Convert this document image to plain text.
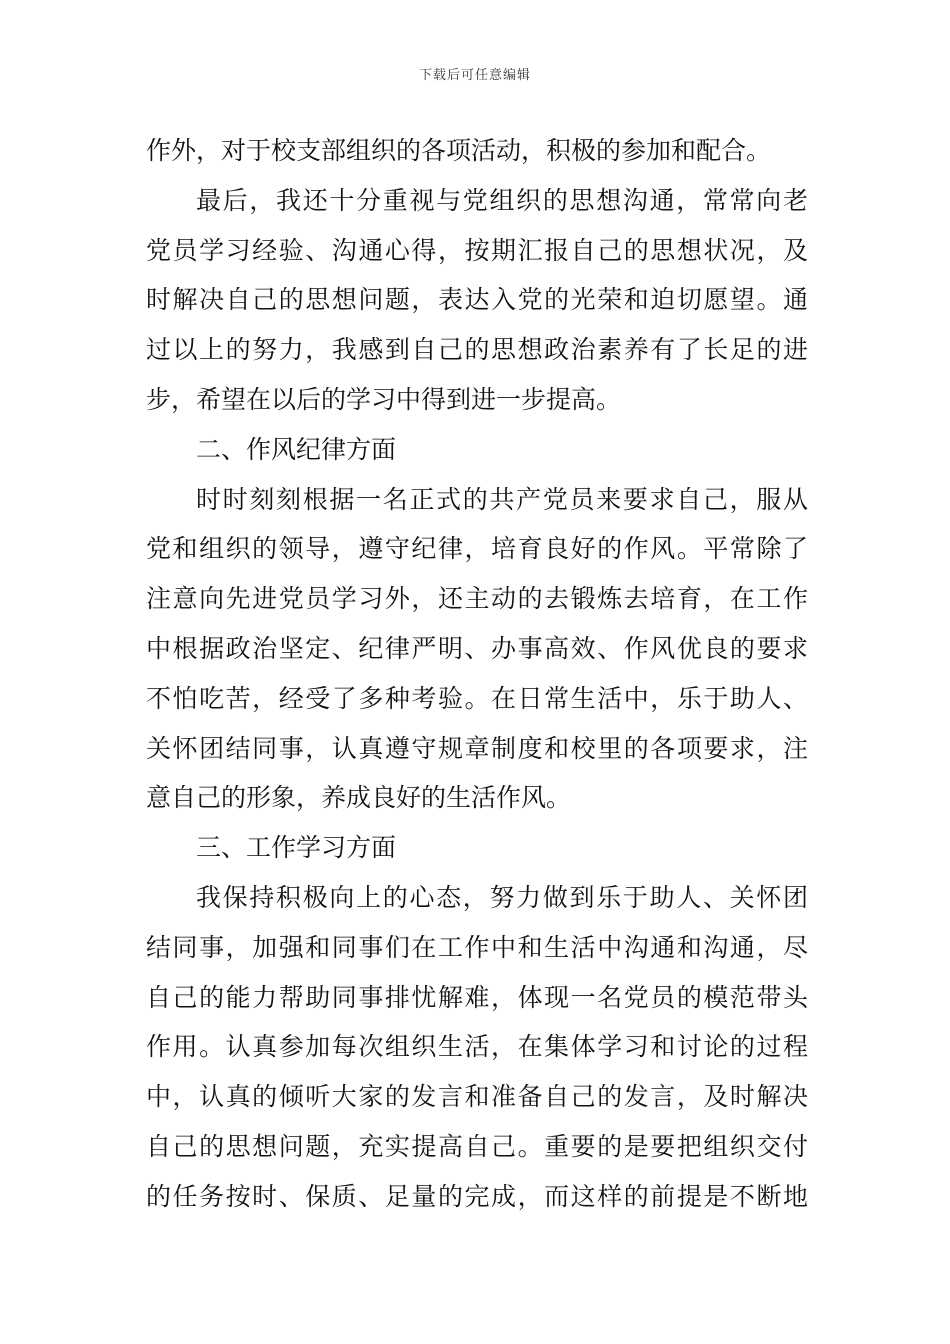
下载后可任意编辑
作外，对于校支部组织的各项活动，积极的参加和配合。
最后，我还十分重视与党组织的思想沟通，常常向老
党员学习经验、沟通心得，按期汇报自己的思想状况，及
时解决自己的思想问题，表达入党的光荣和迫切愿望。通
过以上的努力，我感到自己的思想政治素养有了长足的进
步，希望在以后的学习中得到进一步提高。
二、作风纪律方面
时时刻刻根据一名正式的共产党员来要求自己，服从
党和组织的领导，遵守纪律，培育良好的作风。平常除了
注意向先进党员学习外，还主动的去锻炼去培育，在工作
中根据政治坚定、纪律严明、办事高效、作风优良的要求
不怕吃苦，经受了多种考验。在日常生活中，乐于助人、
关怀团结同事，认真遵守规章制度和校里的各项要求，注
意自己的形象，养成良好的生活作风。
三、工作学习方面
我保持积极向上的心态，努力做到乐于助人、关怀团
结同事，加强和同事们在工作中和生活中沟通和沟通，尽
自己的能力帮助同事排忧解难，体现一名党员的模范带头
作用。认真参加每次组织生活，在集体学习和讨论的过程
中，认真的倾听大家的发言和准备自己的发言，及时解决
自己的思想问题，充实提高自己。重要的是要把组织交付
的任务按时、保质、足量的完成，而这样的前提是不断地
